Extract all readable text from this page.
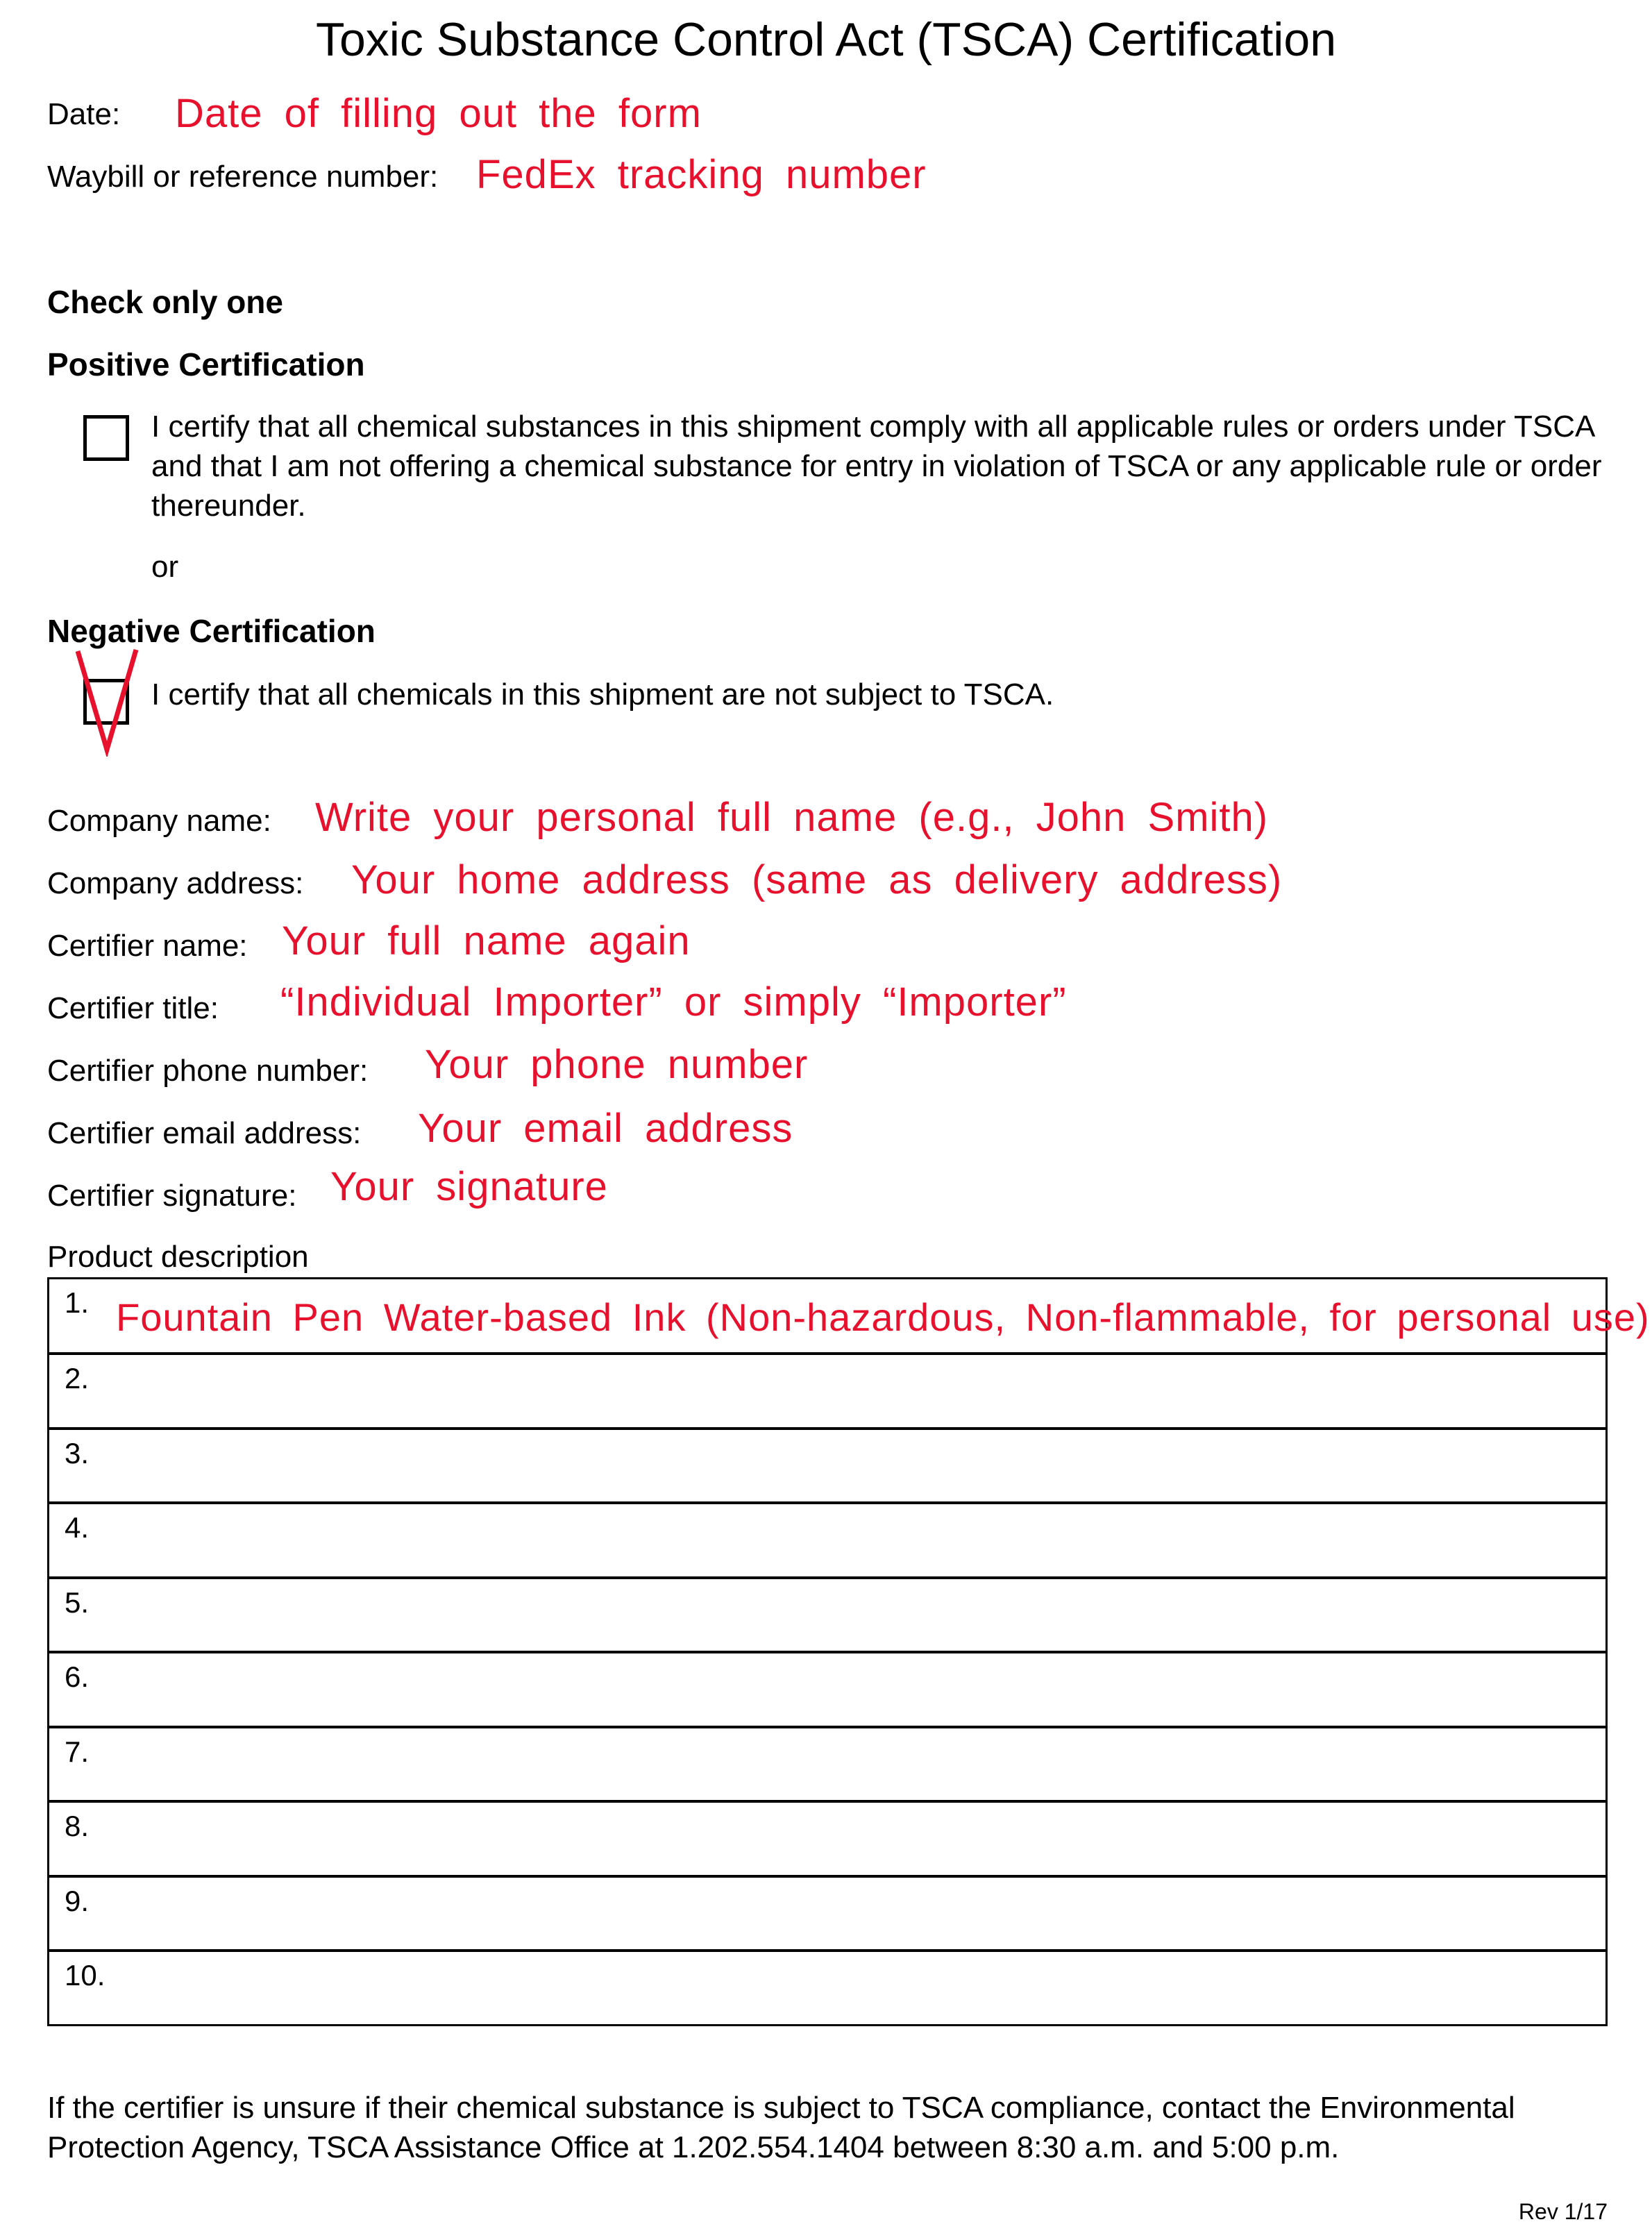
Toxic Substance Control Act (TSCA) Certification
Date: Date of filling out the form
Waybill or reference number: FedEx tracking number
Check only one
Positive Certification
I certify that all chemical substances in this shipment comply with all applicable rules or orders under TSCA and that I am not offering a chemical substance for entry in violation of TSCA or any applicable rule or order thereunder.
or
Negative Certification
I certify that all chemicals in this shipment are not subject to TSCA.
Company name: Write your personal full name (e.g., John Smith)
Company address: Your home address (same as delivery address)
Certifier name: Your full name again
Certifier title: “Individual Importer” or simply “Importer”
Certifier phone number: Your phone number
Certifier email address: Your email address
Certifier signature: Your signature
Product description
1. Fountain Pen Water-based Ink (Non-hazardous, Non-flammable, for personal use)
2.
3.
4.
5.
6.
7.
8.
9.
10.
If the certifier is unsure if their chemical substance is subject to TSCA compliance, contact the Environmental Protection Agency, TSCA Assistance Office at 1.202.554.1404 between 8:30 a.m. and 5:00 p.m.
Rev 1/17
